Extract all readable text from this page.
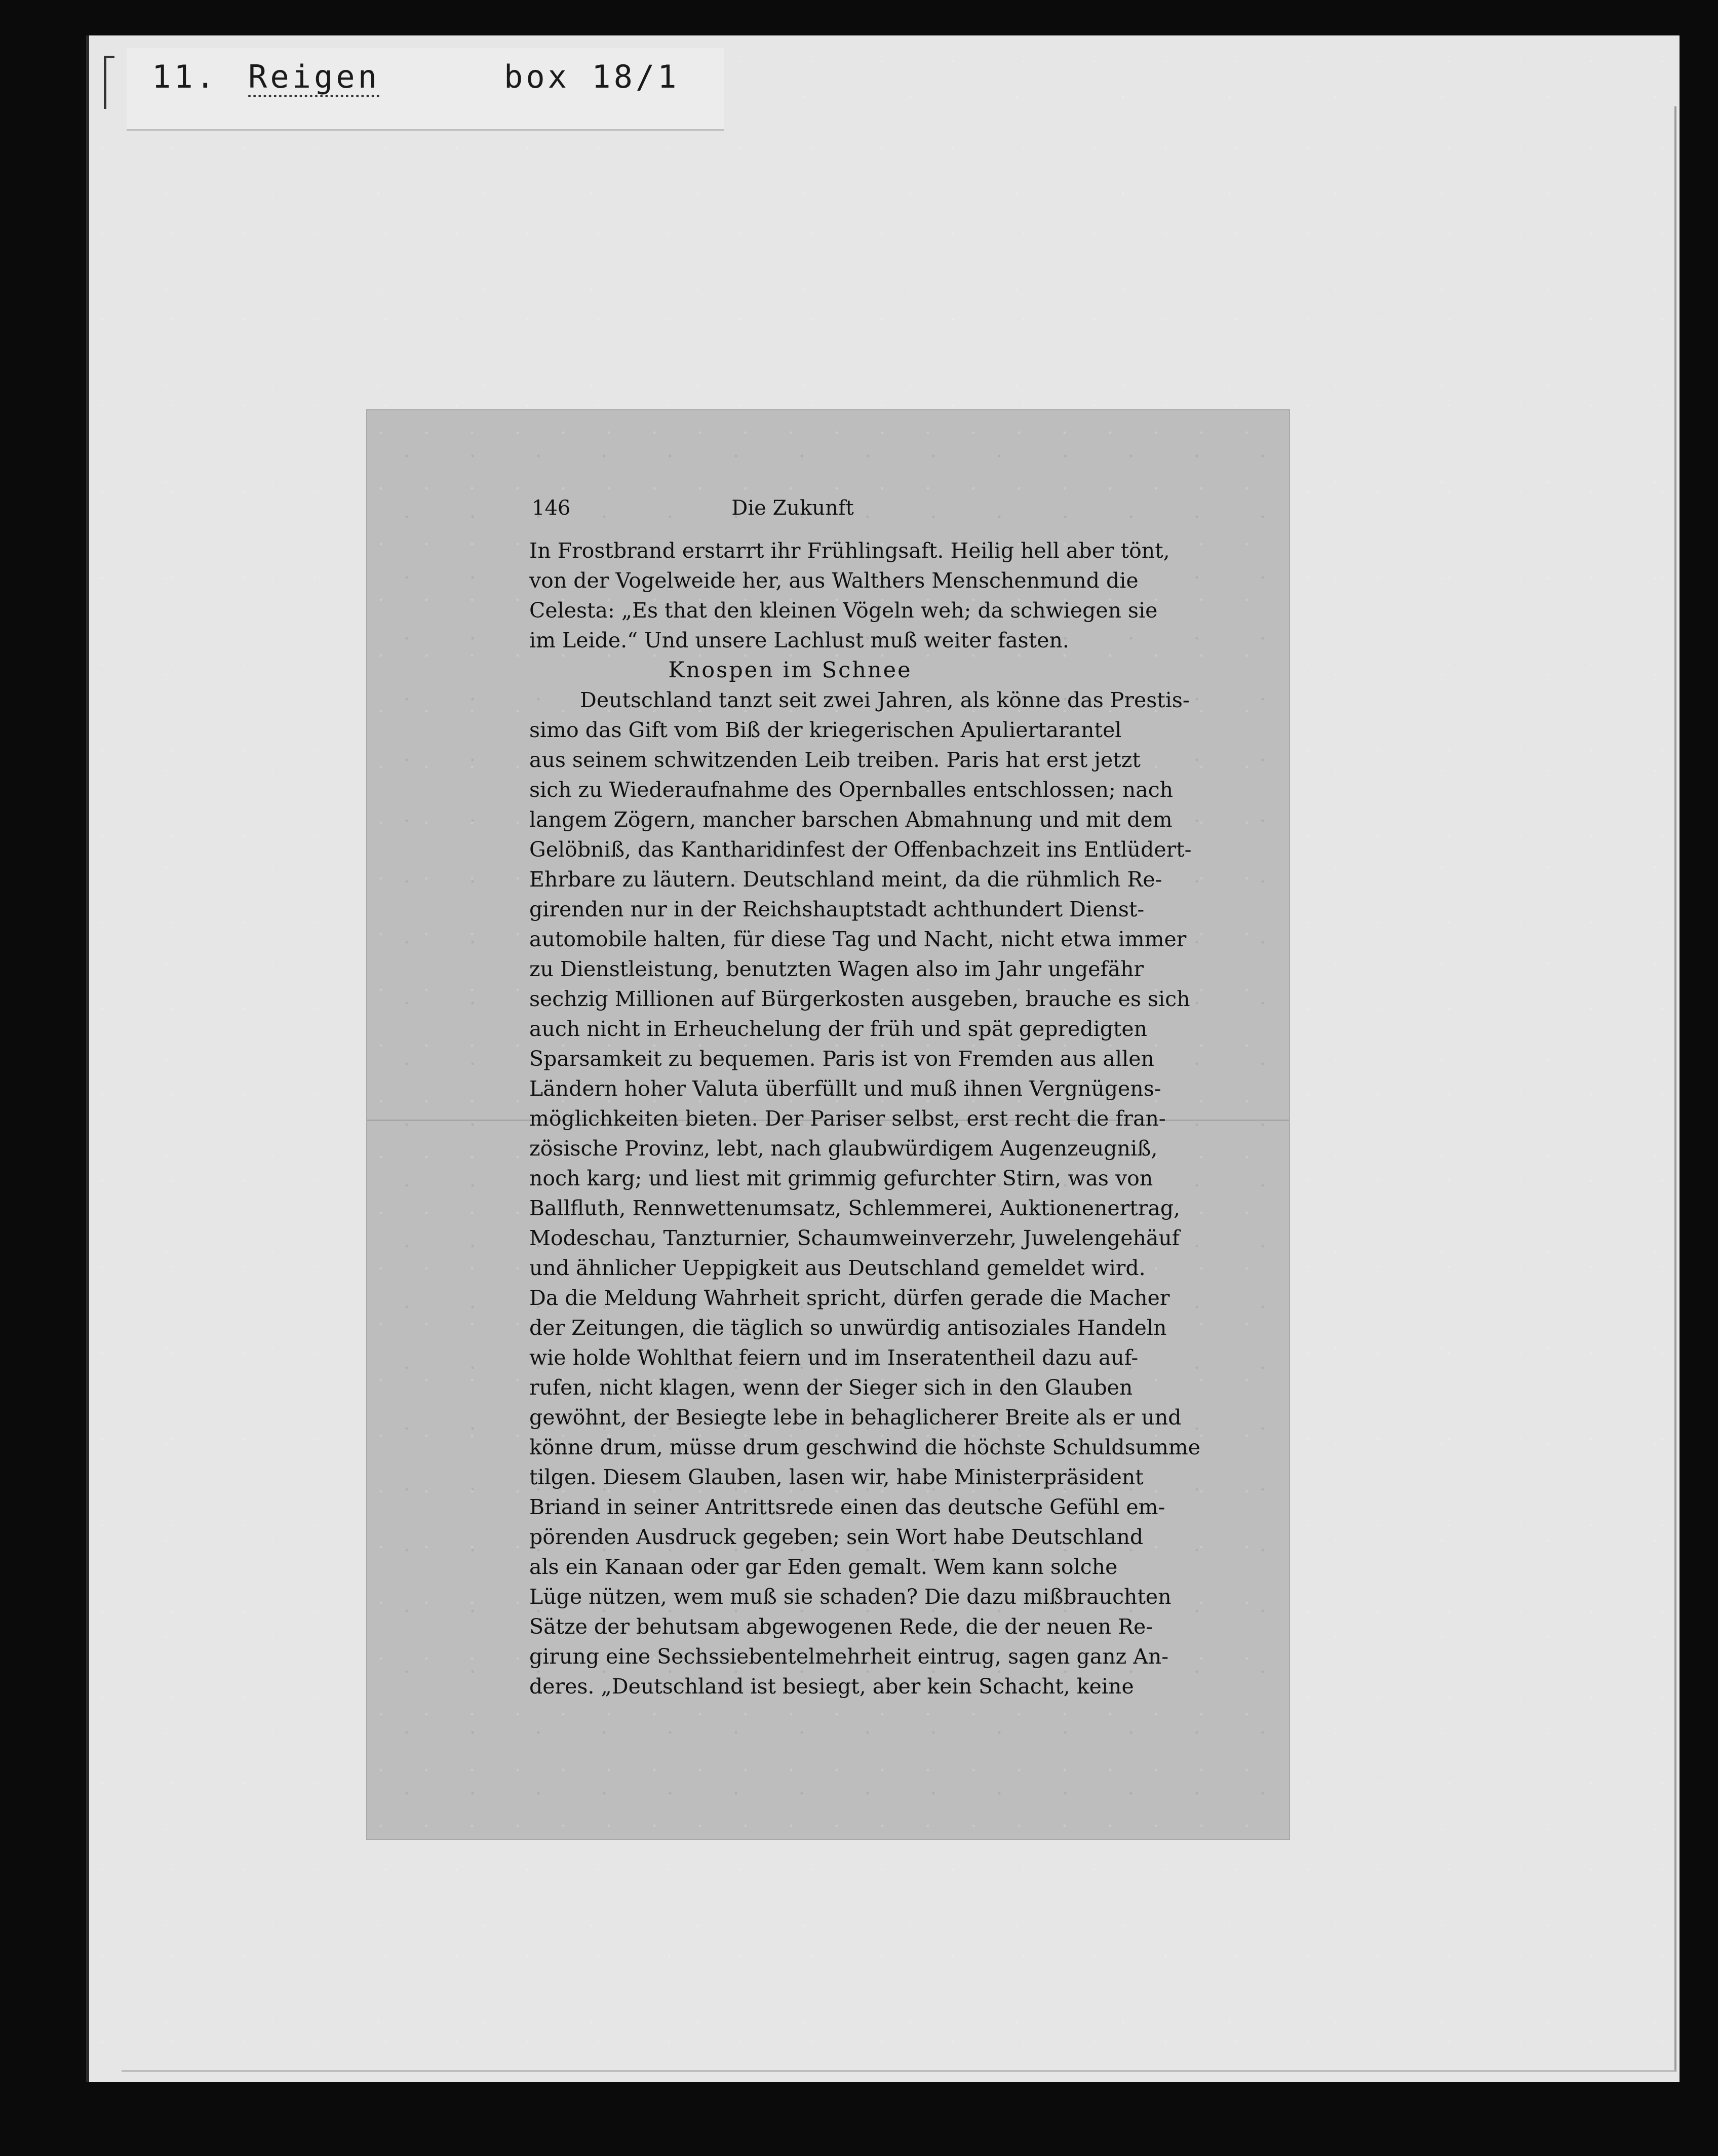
11. Reigen	box 18/1
146	Die Zukunft
In Frostbrand erstarrt ihr Frühlingsaft. Heilig hell aber tönt,
von der Vogelweide her, aus Walthers Menschenmund die
Celesta: „Es that den kleinen Vögeln weh; da schwiegen sie
im Leide.“ Und unsere Lachlust muß weiter fasten.
Knospen im Schnee
Deutschland tanzt seit zwei Jahren, als könne das Prestis-
simo das Gift vom Biß der kriegerischen Apuliertarantel
aus seinem schwitzenden Leib treiben. Paris hat erst jetzt
sich zu Wiederaufnahme des Opernballes entschlossen; nach
langem Zögern, mancher barschen Abmahnung und mit dem
Gelöbniß, das Kantharidinfest der Offenbachzeit ins Entlüdert-
Ehrbare zu läutern. Deutschland meint, da die rühmlich Re-
girenden nur in der Reichshauptstadt achthundert Dienst-
automobile halten, für diese Tag und Nacht, nicht etwa immer
zu Dienstleistung, benutzten Wagen also im Jahr ungefähr
sechzig Millionen auf Bürgerkosten ausgeben, brauche es sich
auch nicht in Erheuchelung der früh und spät gepredigten
Sparsamkeit zu bequemen. Paris ist von Fremden aus allen
Ländern hoher Valuta überfüllt und muß ihnen Vergnügens-
möglichkeiten bieten. Der Pariser selbst, erst recht die fran-
zösische Provinz, lebt, nach glaubwürdigem Augenzeugniß,
noch karg; und liest mit grimmig gefurchter Stirn, was von
Ballfluth, Rennwettenumsatz, Schlemmerei, Auktionenertrag,
Modeschau, Tanzturnier, Schaumweinverzehr, Juwelengehäuf
und ähnlicher Ueppigkeit aus Deutschland gemeldet wird.
Da die Meldung Wahrheit spricht, dürfen gerade die Macher
der Zeitungen, die täglich so unwürdig antisoziales Handeln
wie holde Wohlthat feiern und im Inseratentheil dazu auf-
rufen, nicht klagen, wenn der Sieger sich in den Glauben
gewöhnt, der Besiegte lebe in behaglicherer Breite als er und
könne drum, müsse drum geschwind die höchste Schuldsumme
tilgen. Diesem Glauben, lasen wir, habe Ministerpräsident
Briand in seiner Antrittsrede einen das deutsche Gefühl em-
pörenden Ausdruck gegeben; sein Wort habe Deutschland
als ein Kanaan oder gar Eden gemalt. Wem kann solche
Lüge nützen, wem muß sie schaden? Die dazu mißbrauchten
Sätze der behutsam abgewogenen Rede, die der neuen Re-
girung eine Sechssiebentelmehrheit eintrug, sagen ganz An-
deres. „Deutschland ist besiegt, aber kein Schacht, keine
